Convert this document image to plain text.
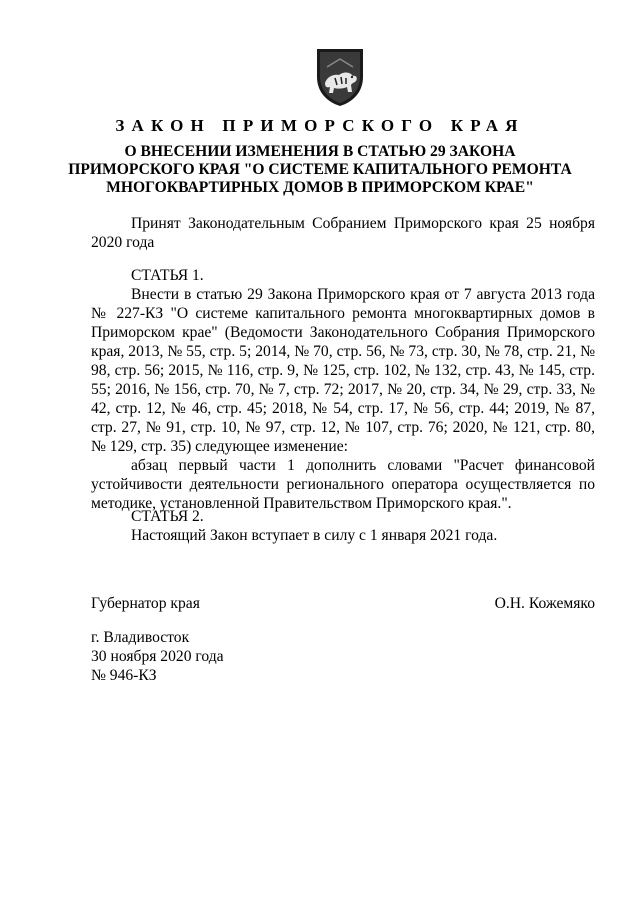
ЗАКОН ПРИМОРСКОГО КРАЯ
О ВНЕСЕНИИ ИЗМЕНЕНИЯ В СТАТЬЮ 29 ЗАКОНА
ПРИМОРСКОГО КРАЯ "О СИСТЕМЕ КАПИТАЛЬНОГО РЕМОНТА
МНОГОКВАРТИРНЫХ ДОМОВ В ПРИМОРСКОМ КРАЕ"
Принят Законодательным Собранием Приморского края 25 ноября
2020 года
СТАТЬЯ 1.
Внести в статью 29 Закона Приморского края от 7 августа 2013 года № 227-КЗ "О системе капитального ремонта многоквартирных домов в Приморском крае" (Ведомости Законодательного Собрания Приморского края, 2013, № 55, стр. 5; 2014, № 70, стр. 56, № 73, стр. 30, № 78, стр. 21, № 98, стр. 56; 2015, № 116, стр. 9, № 125, стр. 102, № 132, стр. 43, № 145, стр. 55; 2016, № 156, стр. 70, № 7, стр. 72; 2017, № 20, стр. 34, № 29, стр. 33, № 42, стр. 12, № 46, стр. 45; 2018, № 54, стр. 17, № 56, стр. 44; 2019, № 87, стр. 27, № 91, стр. 10, № 97, стр. 12, № 107, стр. 76; 2020, № 121, стр. 80,
№ 129, стр. 35) следующее изменение:
абзац первый части 1 дополнить словами "Расчет финансовой устойчивости деятельности регионального оператора осуществляется по
методике, установленной Правительством Приморского края.".
СТАТЬЯ 2.
Настоящий Закон вступает в силу с 1 января 2021 года.
Губернатор края	О.Н. Кожемяко
г. Владивосток
30 ноября 2020 года
№ 946-КЗ
